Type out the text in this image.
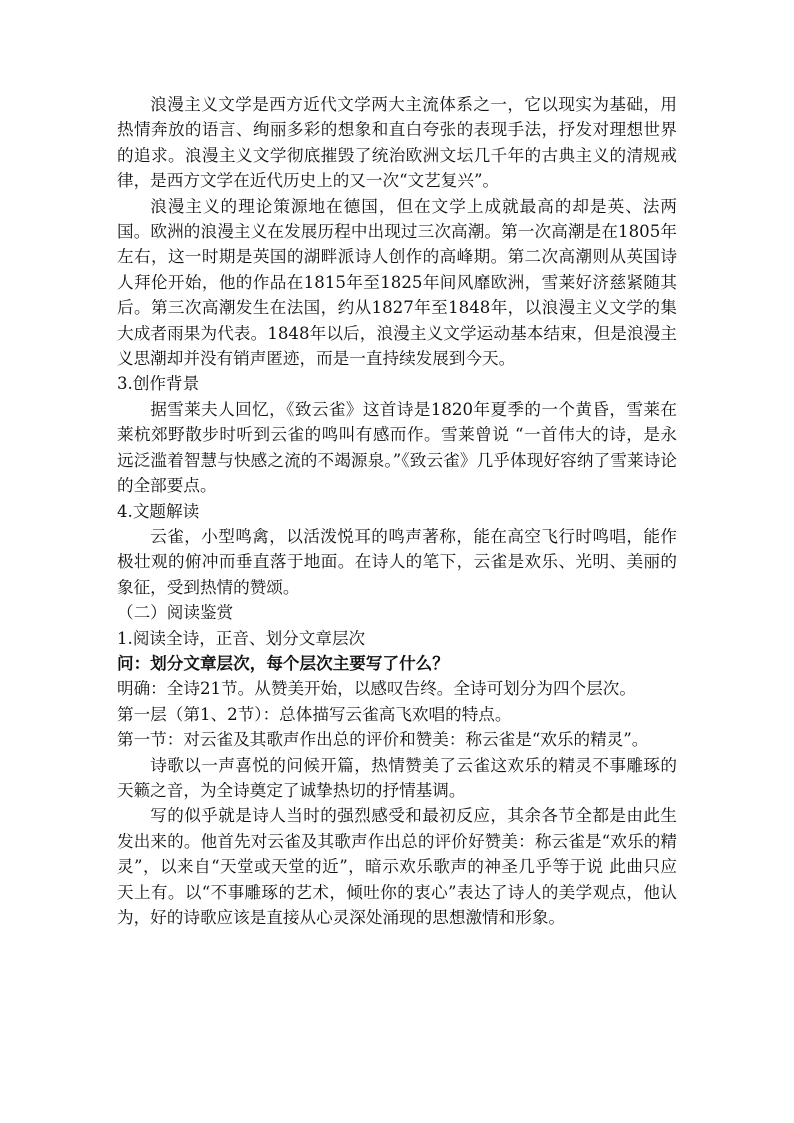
浪漫主义文学是西方近代文学两大主流体系之一，它以现实为基础，用热情奔放的语言、绚丽多彩的想象和直白夸张的表现手法，抒发对理想世界的追求。浪漫主义文学彻底摧毁了统治欧洲文坛几千年的古典主义的清规戒律，是西方文学在近代历史上的又一次“文艺复兴”。

浪漫主义的理论策源地在德国，但在文学上成就最高的却是英、法两国。欧洲的浪漫主义在发展历程中出现过三次高潮。第一次高潮是在1805年左右，这一时期是英国的湖畔派诗人创作的高峰期。第二次高潮则从英国诗人拜伦开始，他的作品在1815年至1825年间风靡欧洲，雪莱好济慈紧随其后。第三次高潮发生在法国，约从1827年至1848年，以浪漫主义文学的集大成者雨果为代表。1848年以后，浪漫主义文学运动基本结束，但是浪漫主义思潮却并没有销声匿迹，而是一直持续发展到今天。

3.创作背景

据雪莱夫人回忆，《致云雀》这首诗是1820年夏季的一个黄昏，雪莱在莱杭郊野散步时听到云雀的鸣叫有感而作。雪莱曾说 “一首伟大的诗，是永远泛滥着智慧与快感之流的不竭源泉。”《致云雀》几乎体现好容纳了雪莱诗论的全部要点。

4.文题解读

云雀，小型鸣禽，以活泼悦耳的鸣声著称，能在高空飞行时鸣唱，能作极壮观的俯冲而垂直落于地面。在诗人的笔下，云雀是欢乐、光明、美丽的象征，受到热情的赞颂。

（二）阅读鉴赏

1.阅读全诗，正音、划分文章层次

问：划分文章层次，每个层次主要写了什么？

明确：全诗21节。从赞美开始，以感叹告终。全诗可划分为四个层次。

第一层（第1、2节）：总体描写云雀高飞欢唱的特点。

第一节：对云雀及其歌声作出总的评价和赞美：称云雀是“欢乐的精灵”。

诗歌以一声喜悦的问候开篇，热情赞美了云雀这欢乐的精灵不事雕琢的天籁之音，为全诗奠定了诚挚热切的抒情基调。

写的似乎就是诗人当时的强烈感受和最初反应，其余各节全都是由此生发出来的。他首先对云雀及其歌声作出总的评价好赞美：称云雀是“欢乐的精灵”，以来自“天堂或天堂的近”，暗示欢乐歌声的神圣几乎等于说 此曲只应天上有。以“不事雕琢的艺术，倾吐你的衷心”表达了诗人的美学观点，他认为，好的诗歌应该是直接从心灵深处涌现的思想激情和形象。
